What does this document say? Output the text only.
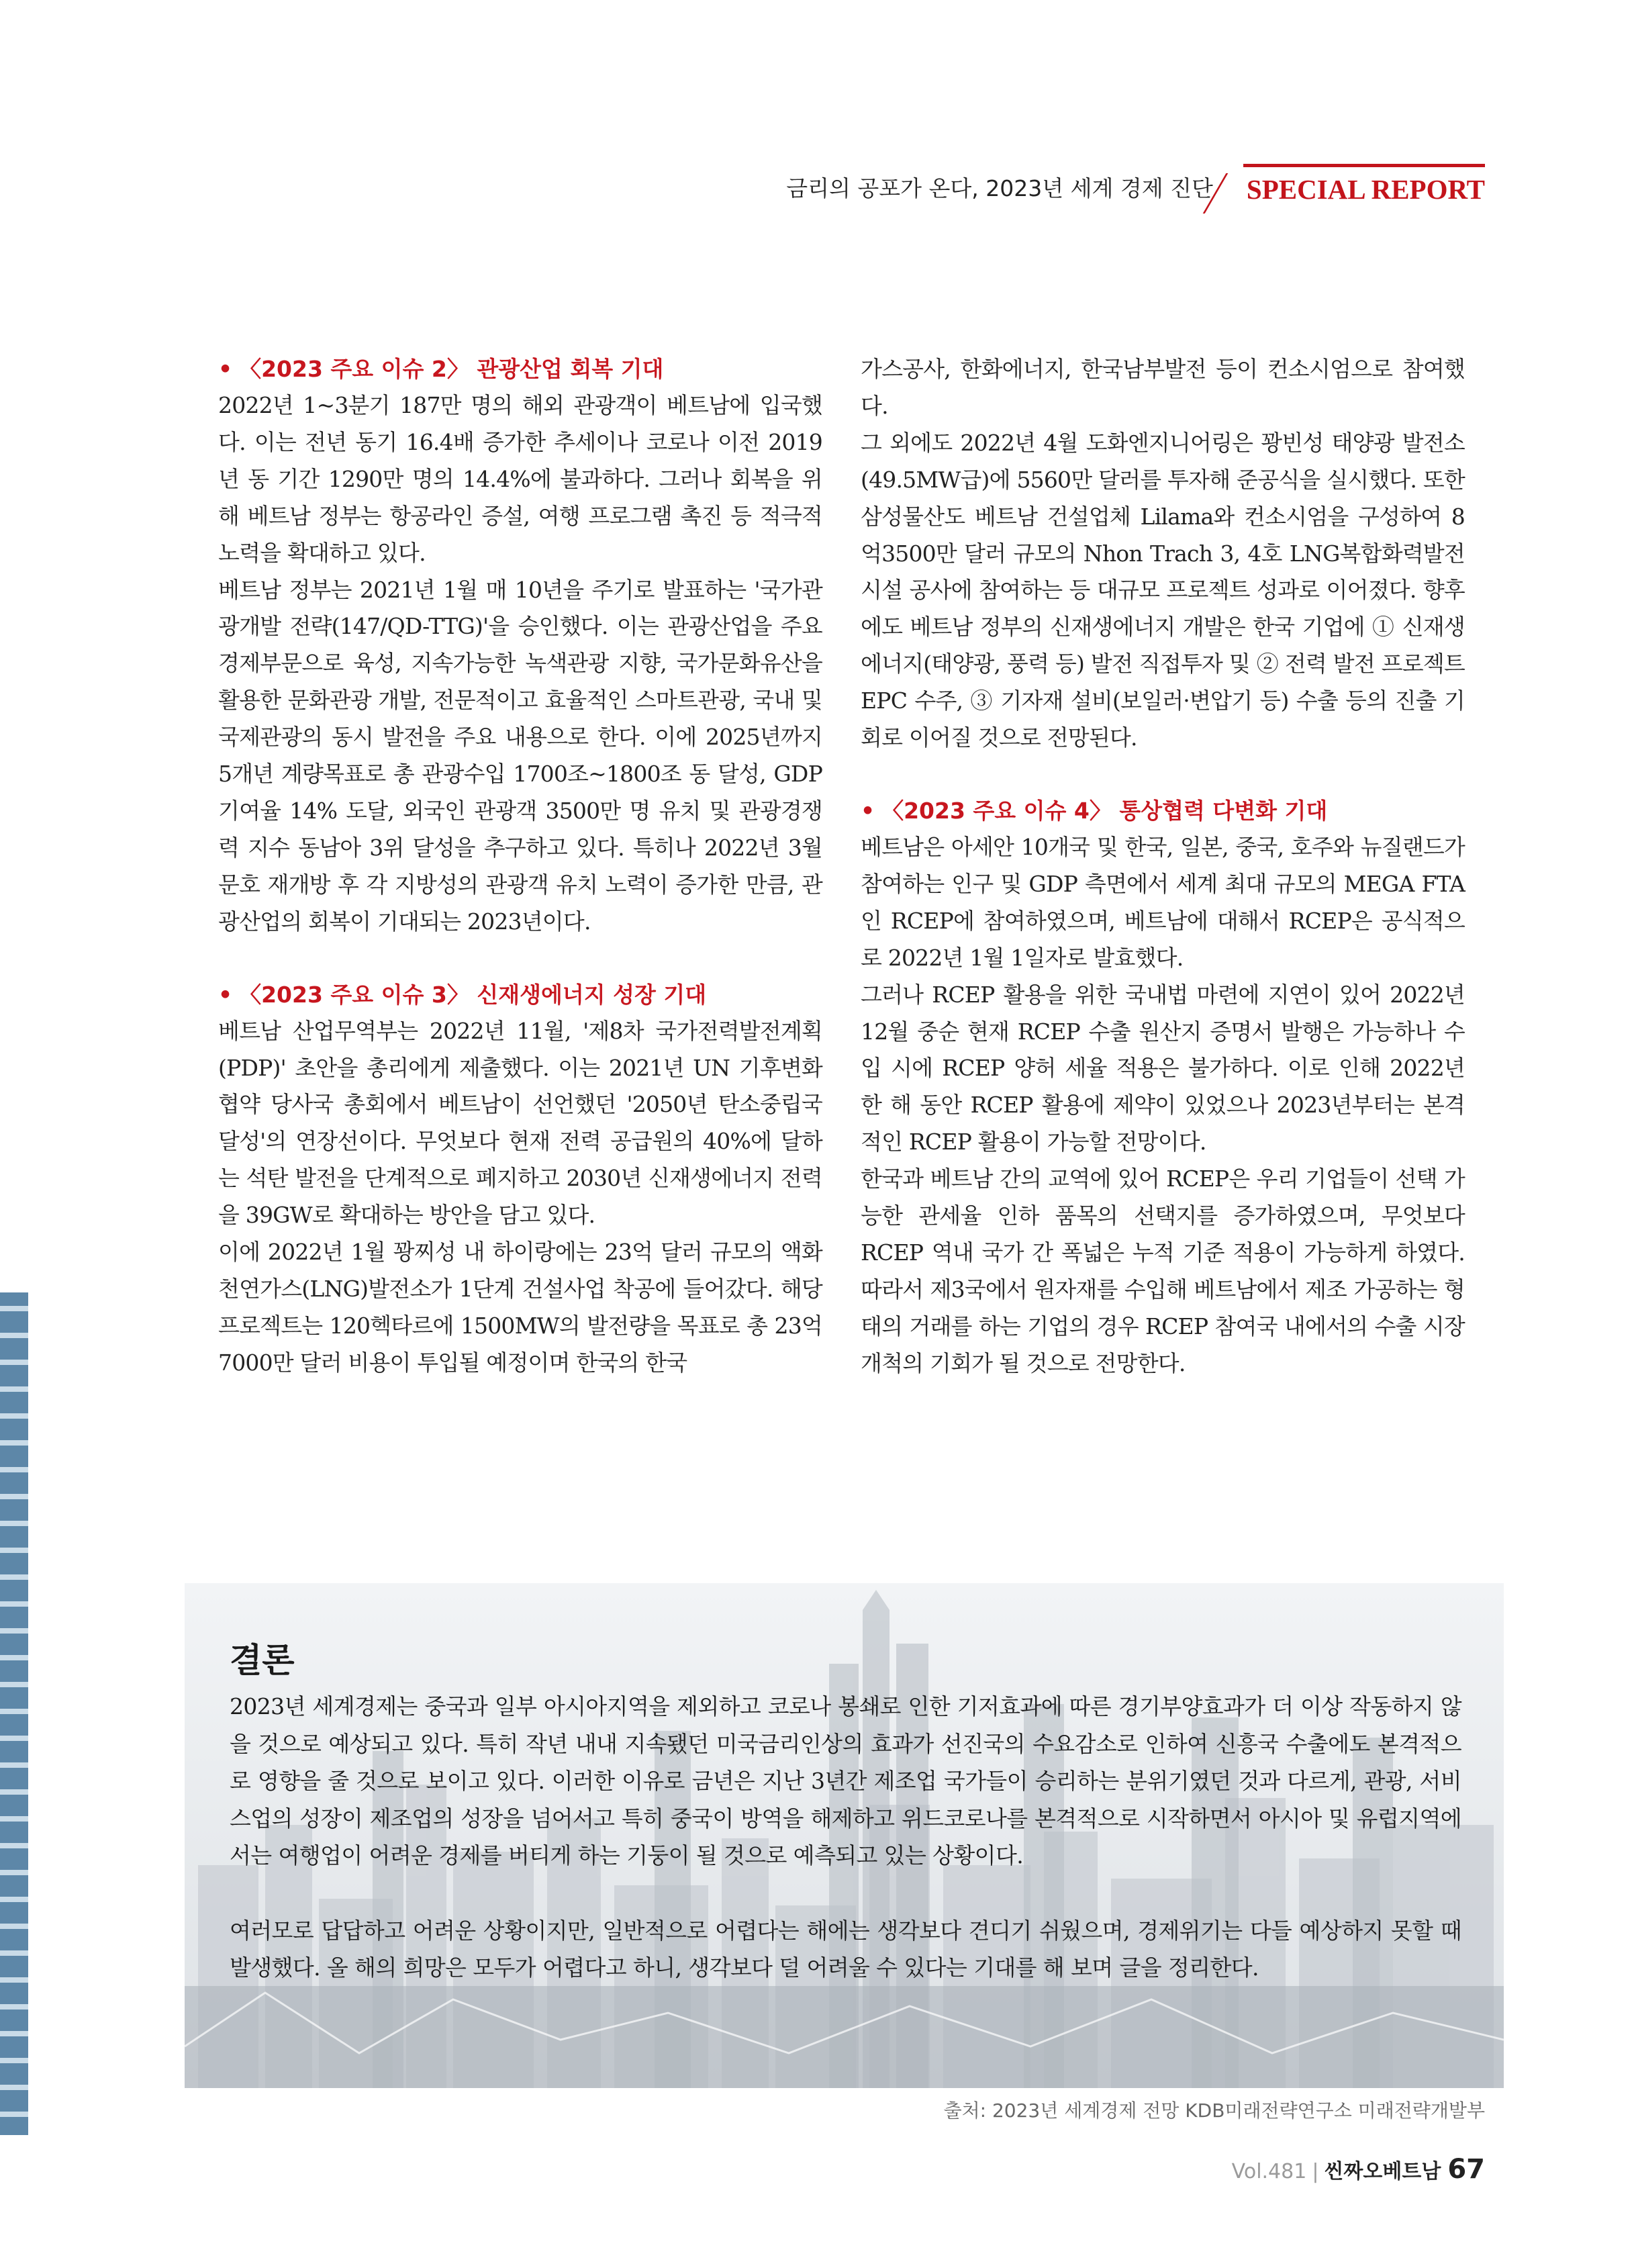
금리의 공포가 온다, 2023년 세계 경제 진단	SPECIAL REPORT
• 〈2023 주요 이슈 2〉 관광산업 회복 기대

2022년 1~3분기 187만 명의 해외 관광객이 베트남에 입국했다. 이는 전년 동기 16.4배 증가한 추세이나 코로나 이전 2019년 동 기간 1290만 명의 14.4%에 불과하다. 그러나 회복을 위해 베트남 정부는 항공라인 증설, 여행 프로그램 촉진 등 적극적 노력을 확대하고 있다.

베트남 정부는 2021년 1월 매 10년을 주기로 발표하는 '국가관광개발 전략(147/QD-TTG)'을 승인했다. 이는 관광산업을 주요 경제부문으로 육성, 지속가능한 녹색관광 지향, 국가문화유산을 활용한 문화관광 개발, 전문적이고 효율적인 스마트관광, 국내 및 국제관광의 동시 발전을 주요 내용으로 한다. 이에 2025년까지 5개년 계량목표로 총 관광수입 1700조~1800조 동 달성, GDP 기여율 14% 도달, 외국인 관광객 3500만 명 유치 및 관광경쟁력 지수 동남아 3위 달성을 추구하고 있다. 특히나 2022년 3월 문호 재개방 후 각 지방성의 관광객 유치 노력이 증가한 만큼, 관광산업의 회복이 기대되는 2023년이다.

• 〈2023 주요 이슈 3〉 신재생에너지 성장 기대

베트남 산업무역부는 2022년 11월, '제8차 국가전력발전계획(PDP)' 초안을 총리에게 제출했다. 이는 2021년 UN 기후변화협약 당사국 총회에서 베트남이 선언했던 '2050년 탄소중립국 달성'의 연장선이다. 무엇보다 현재 전력 공급원의 40%에 달하는 석탄 발전을 단계적으로 폐지하고 2030년 신재생에너지 전력을 39GW로 확대하는 방안을 담고 있다.

이에 2022년 1월 꽝찌성 내 하이랑에는 23억 달러 규모의 액화천연가스(LNG)발전소가 1단계 건설사업 착공에 들어갔다. 해당 프로젝트는 120헥타르에 1500MW의 발전량을 목표로 총 23억7000만 달러 비용이 투입될 예정이며 한국의 한국

가스공사, 한화에너지, 한국남부발전 등이 컨소시엄으로 참여했다.

그 외에도 2022년 4월 도화엔지니어링은 꽝빈성 태양광 발전소(49.5MW급)에 5560만 달러를 투자해 준공식을 실시했다. 또한 삼성물산도 베트남 건설업체 Lilama와 컨소시엄을 구성하여 8억3500만 달러 규모의 Nhon Trach 3, 4호 LNG복합화력발전시설 공사에 참여하는 등 대규모 프로젝트 성과로 이어졌다. 향후에도 베트남 정부의 신재생에너지 개발은 한국 기업에 ① 신재생에너지(태양광, 풍력 등) 발전 직접투자 및 ② 전력 발전 프로젝트 EPC 수주, ③ 기자재 설비(보일러·변압기 등) 수출 등의 진출 기회로 이어질 것으로 전망된다.

• 〈2023 주요 이슈 4〉 통상협력 다변화 기대

베트남은 아세안 10개국 및 한국, 일본, 중국, 호주와 뉴질랜드가 참여하는 인구 및 GDP 측면에서 세계 최대 규모의 MEGA FTA인 RCEP에 참여하였으며, 베트남에 대해서 RCEP은 공식적으로 2022년 1월 1일자로 발효했다.

그러나 RCEP 활용을 위한 국내법 마련에 지연이 있어 2022년 12월 중순 현재 RCEP 수출 원산지 증명서 발행은 가능하나 수입 시에 RCEP 양허 세율 적용은 불가하다. 이로 인해 2022년 한 해 동안 RCEP 활용에 제약이 있었으나 2023년부터는 본격적인 RCEP 활용이 가능할 전망이다.

한국과 베트남 간의 교역에 있어 RCEP은 우리 기업들이 선택 가능한 관세율 인하 품목의 선택지를 증가하였으며, 무엇보다 RCEP 역내 국가 간 폭넓은 누적 기준 적용이 가능하게 하였다. 따라서 제3국에서 원자재를 수입해 베트남에서 제조 가공하는 형태의 거래를 하는 기업의 경우 RCEP 참여국 내에서의 수출 시장 개척의 기회가 될 것으로 전망한다.

결론

2023년 세계경제는 중국과 일부 아시아지역을 제외하고 코로나 봉쇄로 인한 기저효과에 따른 경기부양효과가 더 이상 작동하지 않을 것으로 예상되고 있다. 특히 작년 내내 지속됐던 미국금리인상의 효과가 선진국의 수요감소로 인하여 신흥국 수출에도 본격적으로 영향을 줄 것으로 보이고 있다. 이러한 이유로 금년은 지난 3년간 제조업 국가들이 승리하는 분위기였던 것과 다르게, 관광, 서비스업의 성장이 제조업의 성장을 넘어서고 특히 중국이 방역을 해제하고 위드코로나를 본격적으로 시작하면서 아시아 및 유럽지역에서는 여행업이 어려운 경제를 버티게 하는 기둥이 될 것으로 예측되고 있는 상황이다.

여러모로 답답하고 어려운 상황이지만, 일반적으로 어렵다는 해에는 생각보다 견디기 쉬웠으며, 경제위기는 다들 예상하지 못할 때 발생했다. 올 해의 희망은 모두가 어렵다고 하니, 생각보다 덜 어려울 수 있다는 기대를 해 보며 글을 정리한다.

출처: 2023년 세계경제 전망 KDB미래전략연구소 미래전략개발부
Vol.481 | 씬짜오베트남 67
